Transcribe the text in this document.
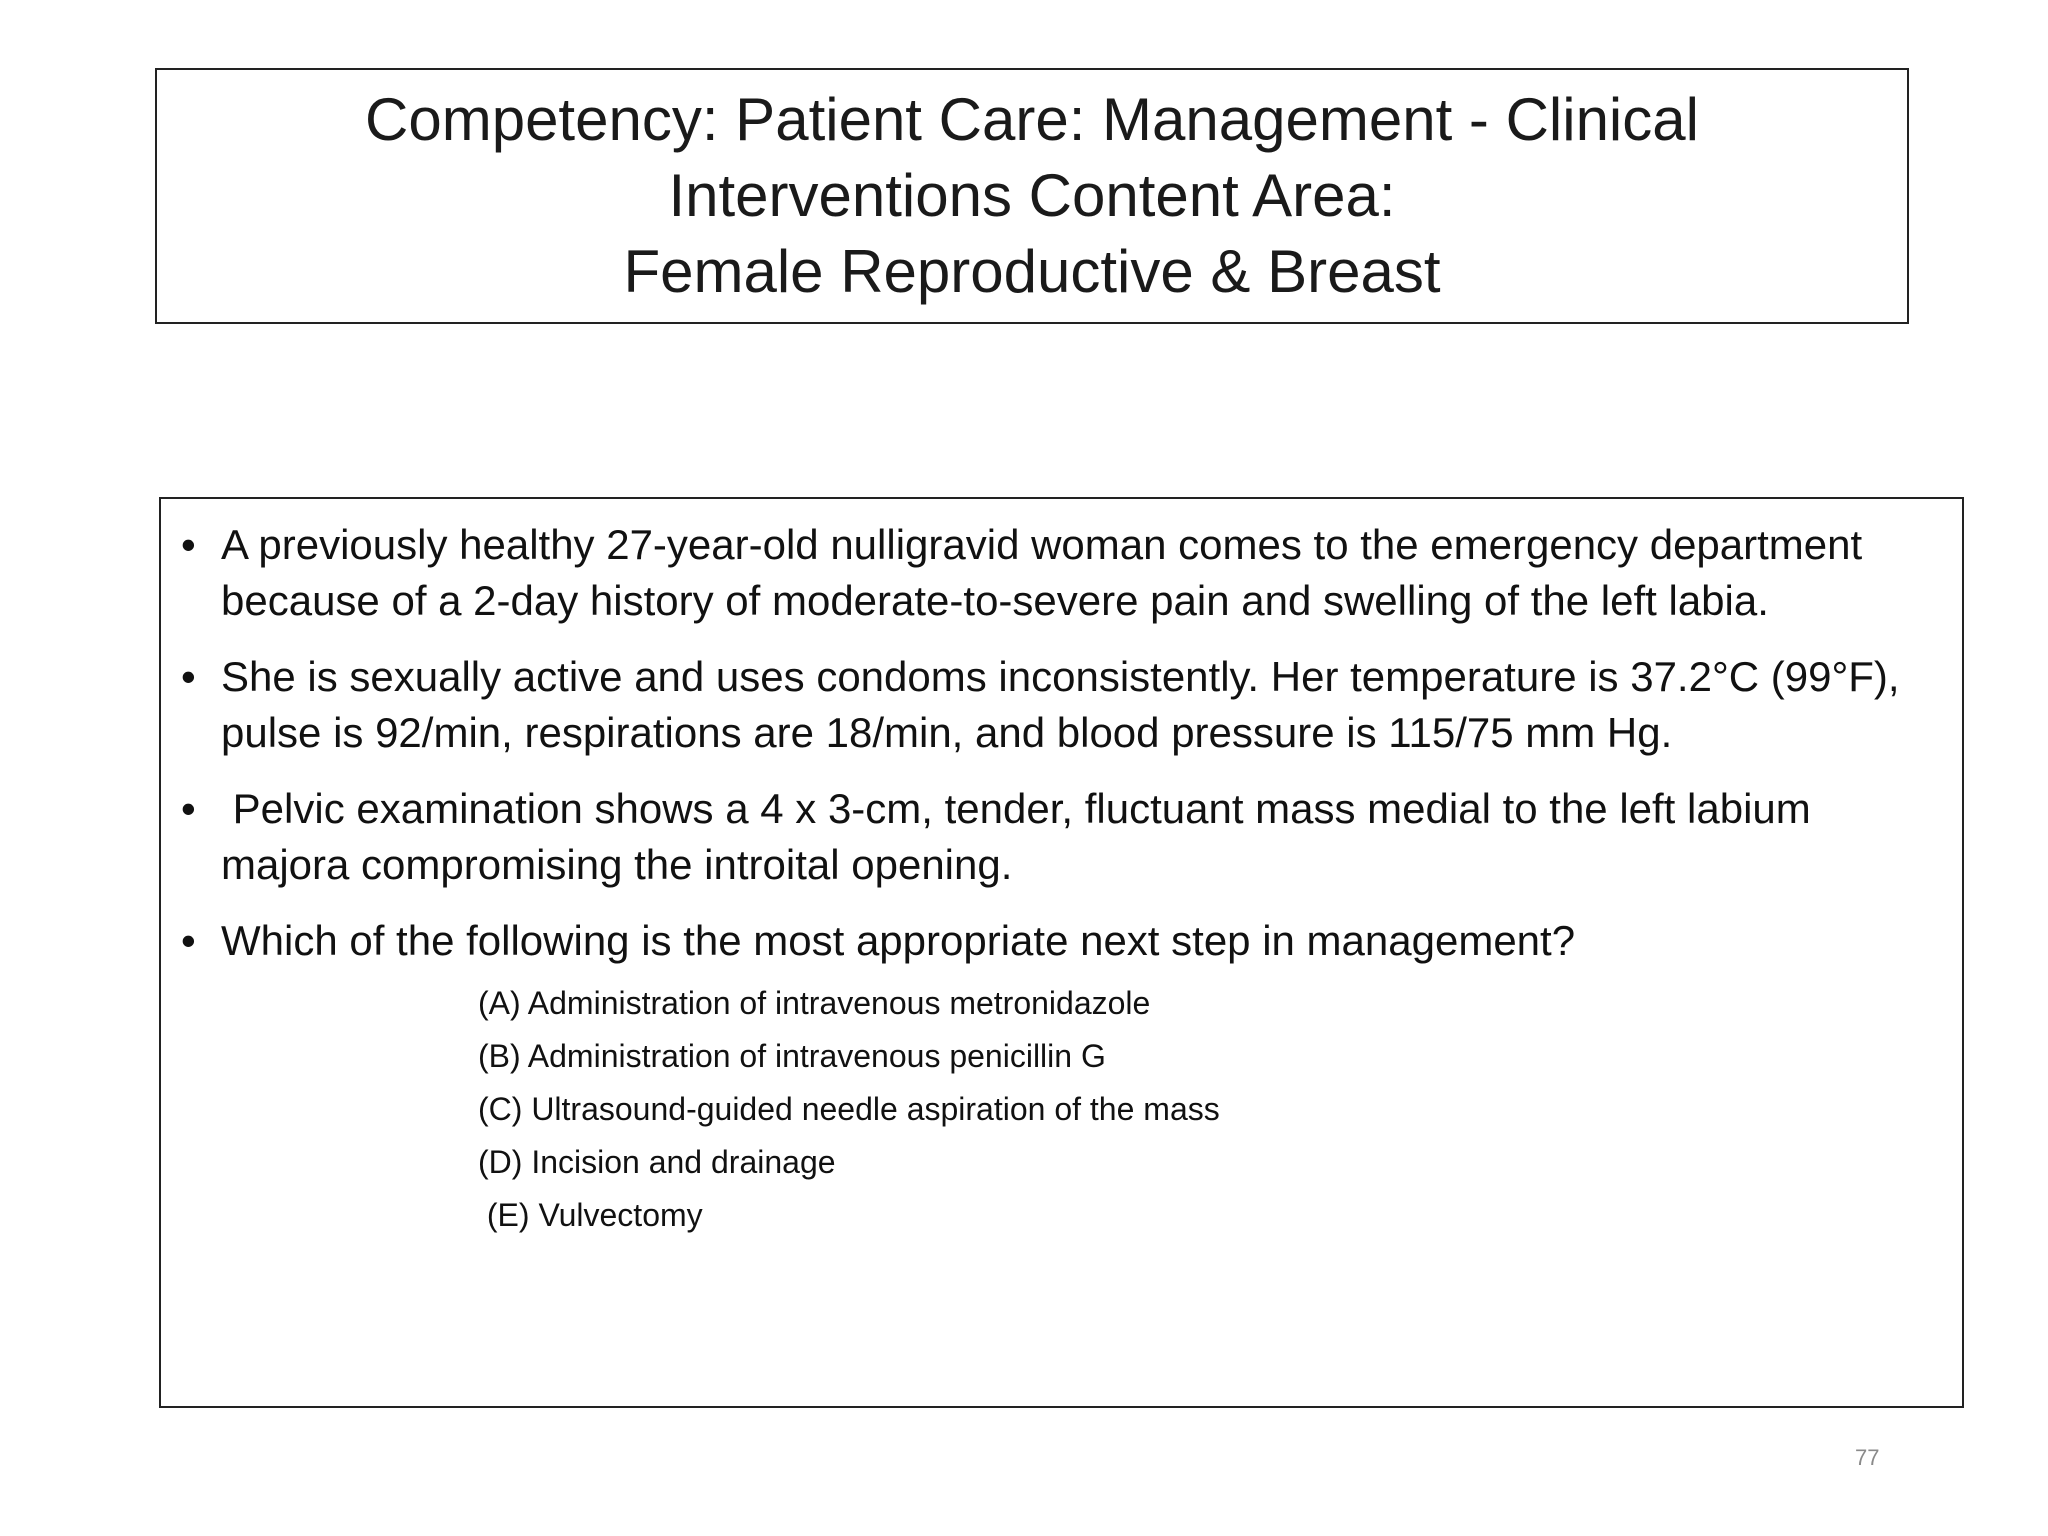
Competency: Patient Care: Management - Clinical
Interventions Content Area:
Female Reproductive & Breast
• A previously healthy 27-year-old nulligravid woman comes to the emergency department because of a 2-day history of moderate-to-severe pain and swelling of the left labia.
• She is sexually active and uses condoms inconsistently. Her temperature is 37.2°C (99°F), pulse is 92/min, respirations are 18/min, and blood pressure is 115/75 mm Hg.
• Pelvic examination shows a 4 x 3-cm, tender, fluctuant mass medial to the left labium majora compromising the introital opening.
• Which of the following is the most appropriate next step in management?
(A) Administration of intravenous metronidazole
(B) Administration of intravenous penicillin G
(C) Ultrasound-guided needle aspiration of the mass
(D) Incision and drainage
(E) Vulvectomy
77
